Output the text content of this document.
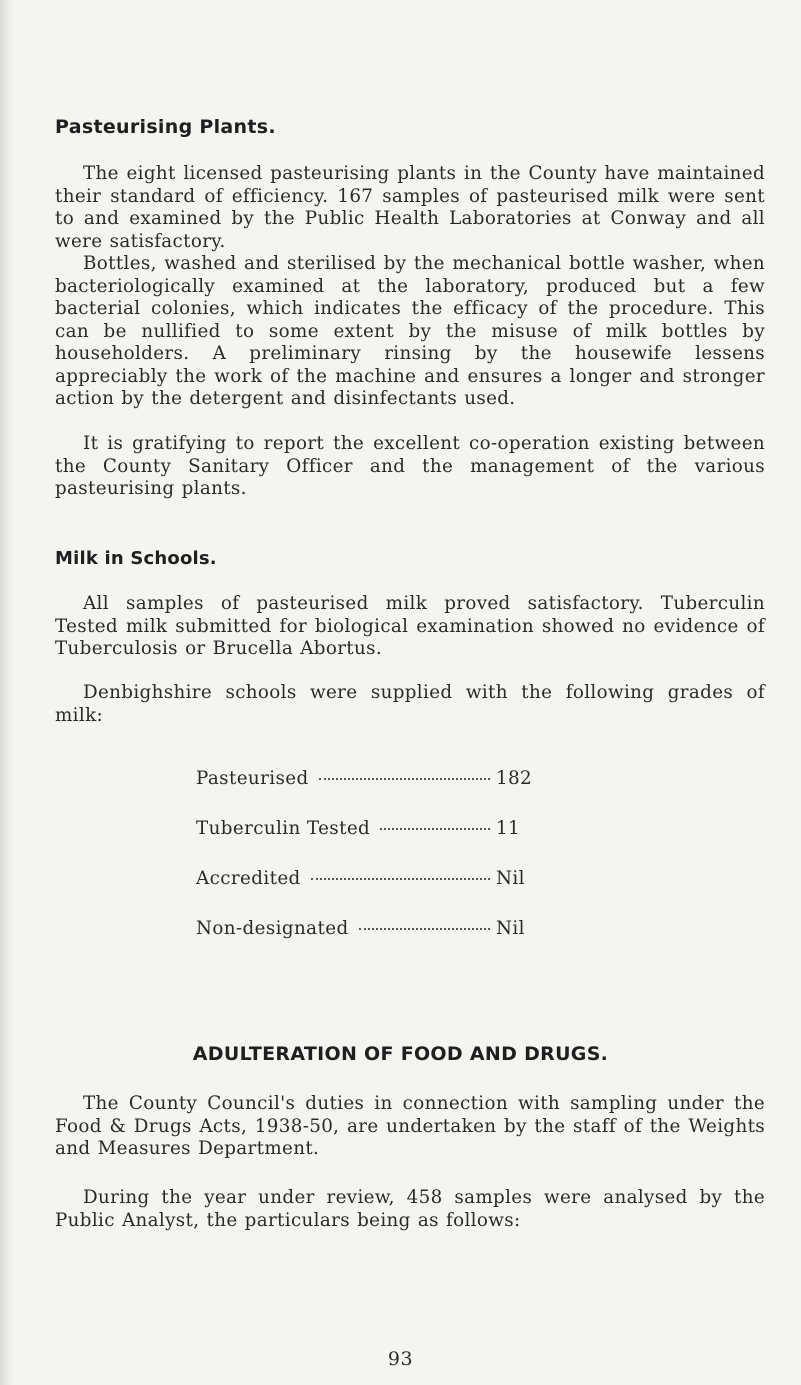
Pasteurising Plants.
The eight licensed pasteurising plants in the County have maintained their standard of efficiency. 167 samples of pasteurised milk were sent to and examined by the Public Health Laboratories at Conway and all were satisfactory.
Bottles, washed and sterilised by the mechanical bottle washer, when bacteriologically examined at the laboratory, produced but a few bacterial colonies, which indicates the efficacy of the procedure. This can be nullified to some extent by the misuse of milk bottles by householders. A preliminary rinsing by the housewife lessens appreciably the work of the machine and ensures a longer and stronger action by the detergent and disinfectants used.
It is gratifying to report the excellent co-operation existing between the County Sanitary Officer and the management of the various pasteurising plants.
Milk in Schools.
All samples of pasteurised milk proved satisfactory. Tuberculin Tested milk submitted for biological examination showed no evidence of Tuberculosis or Brucella Abortus.
Denbighshire schools were supplied with the following grades of milk:
Pasteurised	182
Tuberculin Tested	11
Accredited	Nil
Non-designated	Nil
ADULTERATION OF FOOD AND DRUGS.
The County Council's duties in connection with sampling under the Food & Drugs Acts, 1938-50, are undertaken by the staff of the Weights and Measures Department.
During the year under review, 458 samples were analysed by the Public Analyst, the particulars being as follows:
93
